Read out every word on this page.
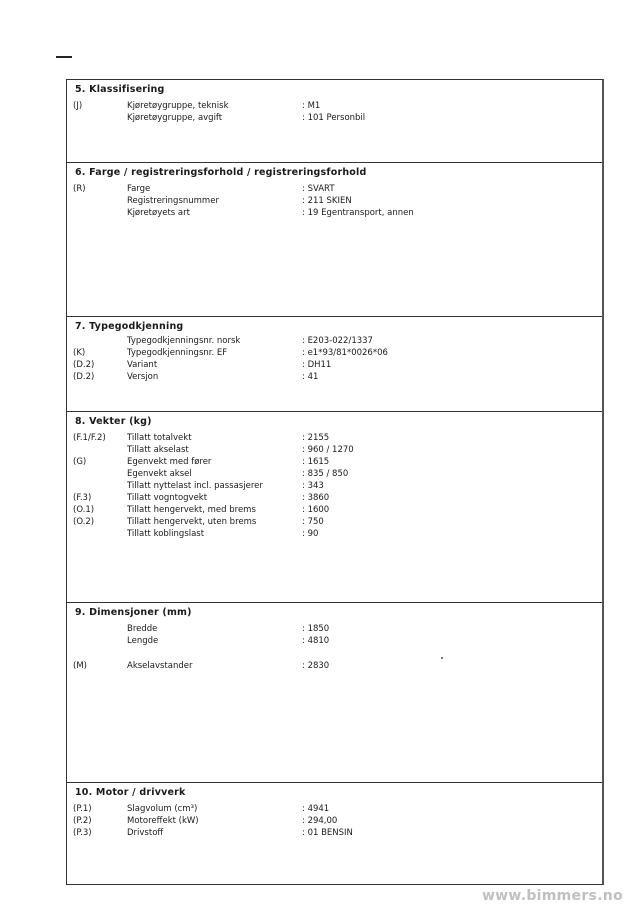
5. Klassifisering
(J)	Kjøretøygruppe, teknisk	: M1
Kjøretøygruppe, avgift	: 101 Personbil
6. Farge / registreringsforhold / registreringsforhold
(R)	Farge	: SVART
Registreringsnummer	: 211 SKIEN
Kjøretøyets art	: 19 Egentransport, annen
7. Typegodkjenning
Typegodkjenningsnr. norsk	: E203-022/1337
(K)	Typegodkjenningsnr. EF	: e1*93/81*0026*06
(D.2)	Variant	: DH11
(D.2)	Versjon	: 41
8. Vekter (kg)
(F.1/F.2) Tillatt totalvekt	: 2155
Tillatt akselast	: 960 / 1270
(G)	Egenvekt med fører	: 1615
Egenvekt aksel	: 835 / 850
Tillatt nyttelast incl. passasjerer	: 343
(F.3)	Tillatt vogntogvekt	: 3860
(O.1)	Tillatt hengervekt, med brems	: 1600
(O.2)	Tillatt hengervekt, uten brems	: 750
Tillatt koblingslast	: 90
9. Dimensjoner (mm)
Bredde	: 1850
Lengde	: 4810
(M)	Akselavstander	: 2830
10. Motor / drivverk
(P.1)	Slagvolum (cm³)	: 4941
(P.2)	Motoreffekt (kW)	: 294,00
(P.3)	Drivstoff	: 01 BENSIN
www.bimmers.no
